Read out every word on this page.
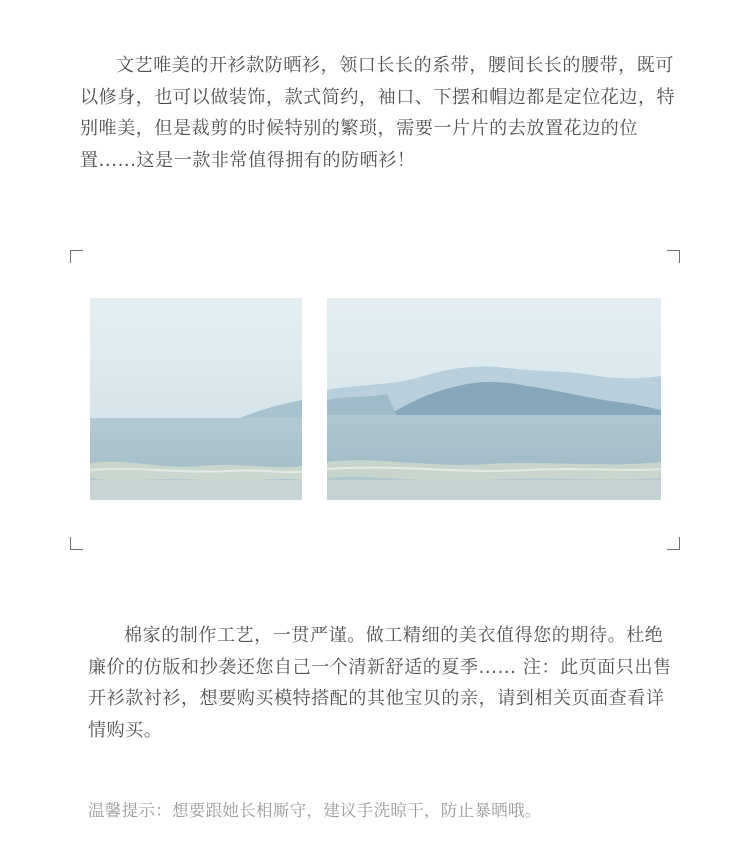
文艺唯美的开衫款防晒衫，领口长长的系带，腰间长长的腰带，既可以修身，也可以做装饰，款式简约，袖口、下摆和帽边都是定位花边，特别唯美，但是裁剪的时候特别的繁琐，需要一片片的去放置花边的位置......这是一款非常值得拥有的防晒衫！

棉家的制作工艺，一贯严谨。做工精细的美衣值得您的期待。杜绝廉价的仿版和抄袭还您自己一个清新舒适的夏季...... 注：此页面只出售开衫款衬衫，想要购买模特搭配的其他宝贝的亲，请到相关页面查看详情购买。

温馨提示：想要跟她长相厮守，建议手洗晾干，防止暴晒哦。
